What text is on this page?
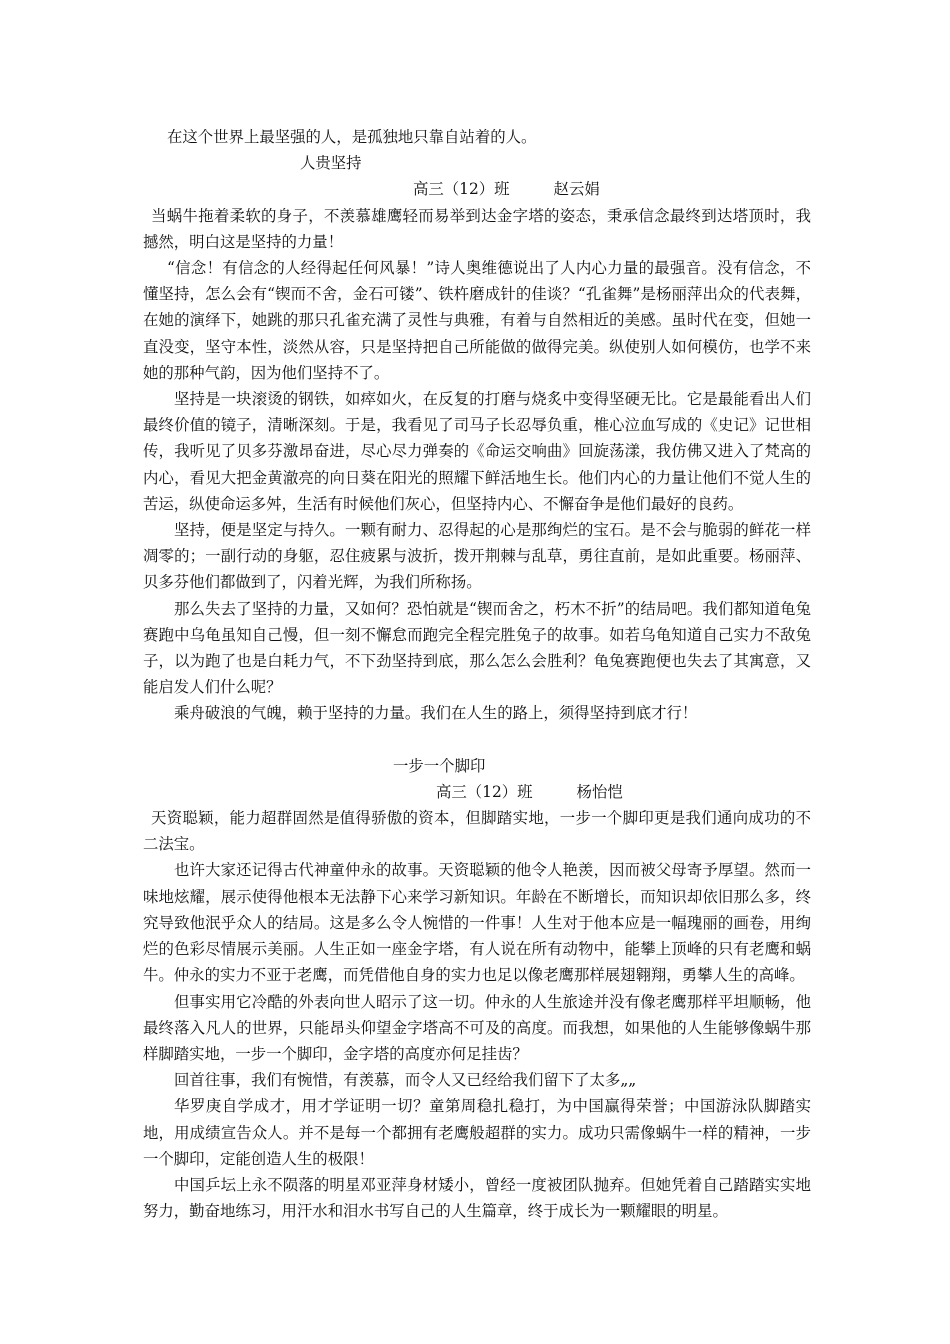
在这个世界上最坚强的人，是孤独地只靠自站着的人。

人贵坚持

高三（12）班	赵云娟

当蜗牛拖着柔软的身子，不羡慕雄鹰轻而易举到达金字塔的姿态，秉承信念最终到达塔顶时，我撼然，明白这是坚持的力量！

“信念！有信念的人经得起任何风暴！”诗人奥维德说出了人内心力量的最强音。没有信念，不懂坚持，怎么会有“锲而不舍，金石可镂”、铁杵磨成针的佳谈？“孔雀舞”是杨丽萍出众的代表舞，在她的演绎下，她跳的那只孔雀充满了灵性与典雅，有着与自然相近的美感。虽时代在变，但她一直没变，坚守本性，淡然从容，只是坚持把自己所能做的做得完美。纵使别人如何模仿，也学不来她的那种气韵，因为他们坚持不了。

坚持是一块滚烫的钢铁，如瘁如火，在反复的打磨与烧炙中变得坚硬无比。它是最能看出人们最终价值的镜子，清晰深刻。于是，我看见了司马子长忍辱负重，椎心泣血写成的《史记》记世相传，我听见了贝多芬激昂奋进，尽心尽力弹奏的《命运交响曲》回旋荡漾，我仿佛又进入了梵高的内心，看见大把金黄澈亮的向日葵在阳光的照耀下鲜活地生长。他们内心的力量让他们不觉人生的苦运，纵使命运多舛，生活有时候他们灰心，但坚持内心、不懈奋争是他们最好的良药。

坚持，便是坚定与持久。一颗有耐力、忍得起的心是那绚烂的宝石。是不会与脆弱的鲜花一样凋零的；一副行动的身躯，忍住疲累与波折，拨开荆棘与乱草，勇往直前，是如此重要。杨丽萍、贝多芬他们都做到了，闪着光辉，为我们所称扬。

那么失去了坚持的力量，又如何？恐怕就是“锲而舍之，朽木不折”的结局吧。我们都知道龟兔赛跑中乌龟虽知自己慢，但一刻不懈怠而跑完全程完胜兔子的故事。如若乌龟知道自己实力不敌兔子，以为跑了也是白耗力气，不下劲坚持到底，那么怎么会胜利？龟兔赛跑便也失去了其寓意，又能启发人们什么呢？

乘舟破浪的气魄，赖于坚持的力量。我们在人生的路上，须得坚持到底才行！

一步一个脚印

高三（12）班	杨怡恺

天资聪颖，能力超群固然是值得骄傲的资本，但脚踏实地，一步一个脚印更是我们通向成功的不二法宝。

也许大家还记得古代神童仲永的故事。天资聪颖的他令人艳羡，因而被父母寄予厚望。然而一味地炫耀，展示使得他根本无法静下心来学习新知识。年龄在不断增长，而知识却依旧那么多，终究导致他泯乎众人的结局。这是多么令人惋惜的一件事！人生对于他本应是一幅瑰丽的画卷，用绚烂的色彩尽情展示美丽。人生正如一座金字塔，有人说在所有动物中，能攀上顶峰的只有老鹰和蜗牛。仲永的实力不亚于老鹰，而凭借他自身的实力也足以像老鹰那样展翅翱翔，勇攀人生的高峰。

但事实用它冷酷的外表向世人昭示了这一切。仲永的人生旅途并没有像老鹰那样平坦顺畅，他最终落入凡人的世界，只能昂头仰望金字塔高不可及的高度。而我想，如果他的人生能够像蜗牛那样脚踏实地，一步一个脚印，金字塔的高度亦何足挂齿？

回首往事，我们有惋惜，有羡慕，而令人又已经给我们留下了太多„„

华罗庚自学成才，用才学证明一切？童第周稳扎稳打，为中国赢得荣誉；中国游泳队脚踏实地，用成绩宣告众人。并不是每一个都拥有老鹰般超群的实力。成功只需像蜗牛一样的精神，一步一个脚印，定能创造人生的极限！

中国乒坛上永不陨落的明星邓亚萍身材矮小，曾经一度被团队抛弃。但她凭着自己踏踏实实地努力，勤奋地练习，用汗水和泪水书写自己的人生篇章，终于成长为一颗耀眼的明星。
